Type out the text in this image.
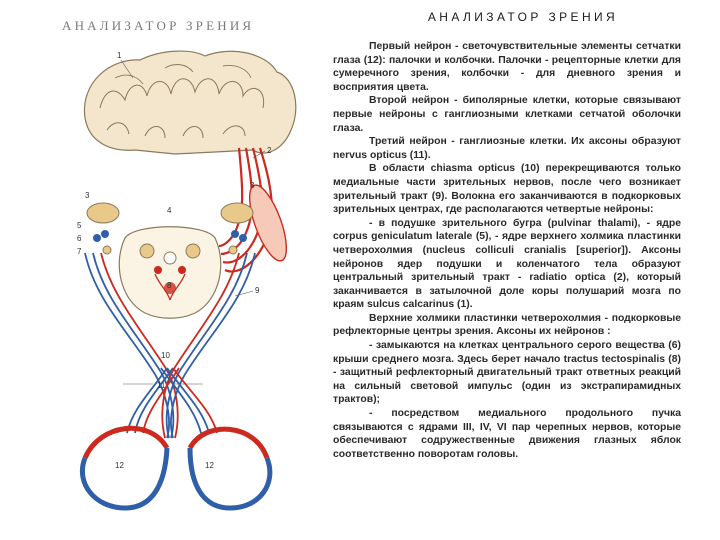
АНАЛИЗАТОР ЗРЕНИЯ
АНАЛИЗАТОР ЗРЕНИЯ
1
2
3
3
4
5
6
7
8
9
10
11
12	12

Первый нейрон - светочувствительные элементы сетчатки глаза (12): палочки и колбочки. Палочки - рецепторные клетки для сумеречного зрения, колбочки - для дневного зрения и восприятия цвета.

Второй нейрон - биполярные клетки, которые связывают первые нейроны с ганглиозными клетками сетчатой оболочки глаза.

Третий нейрон - ганглиозные клетки. Их аксоны образуют nervus opticus (11).

В области chiasma opticus (10) перекрещиваются только медиальные части зрительных нервов, после чего возникает зрительный тракт (9). Волокна его заканчиваются в подкорковых зрительных центрах, где располагаются четвертые нейроны:

- в подушке зрительного бугра (pulvinar thalami), - ядре corpus geniculatum laterale (5), - ядре верхнего холмика пластинки четверохолмия (nucleus colliculi cranialis [superior]). Аксоны нейронов ядер подушки и коленчатого тела образуют центральный зрительный тракт - radiatio optica (2), который заканчивается в затылочной доле коры полушарий мозга по краям sulcus calcarinus (1).

Верхние холмики пластинки четверохолмия - подкорковые рефлекторные центры зрения. Аксоны их нейронов :

- замыкаются на клетках центрального серого вещества (6) крыши среднего мозга. Здесь берет начало tractus tectospinalis (8) - защитный рефлекторный двигательный тракт ответных реакций на сильный световой импульс (один из экстрапирамидных трактов);

- посредством медиального продольного пучка связываются с ядрами III, IV, VI пар черепных нервов, которые обеспечивают содружественные движения глазных яблок соответственно поворотам головы.
